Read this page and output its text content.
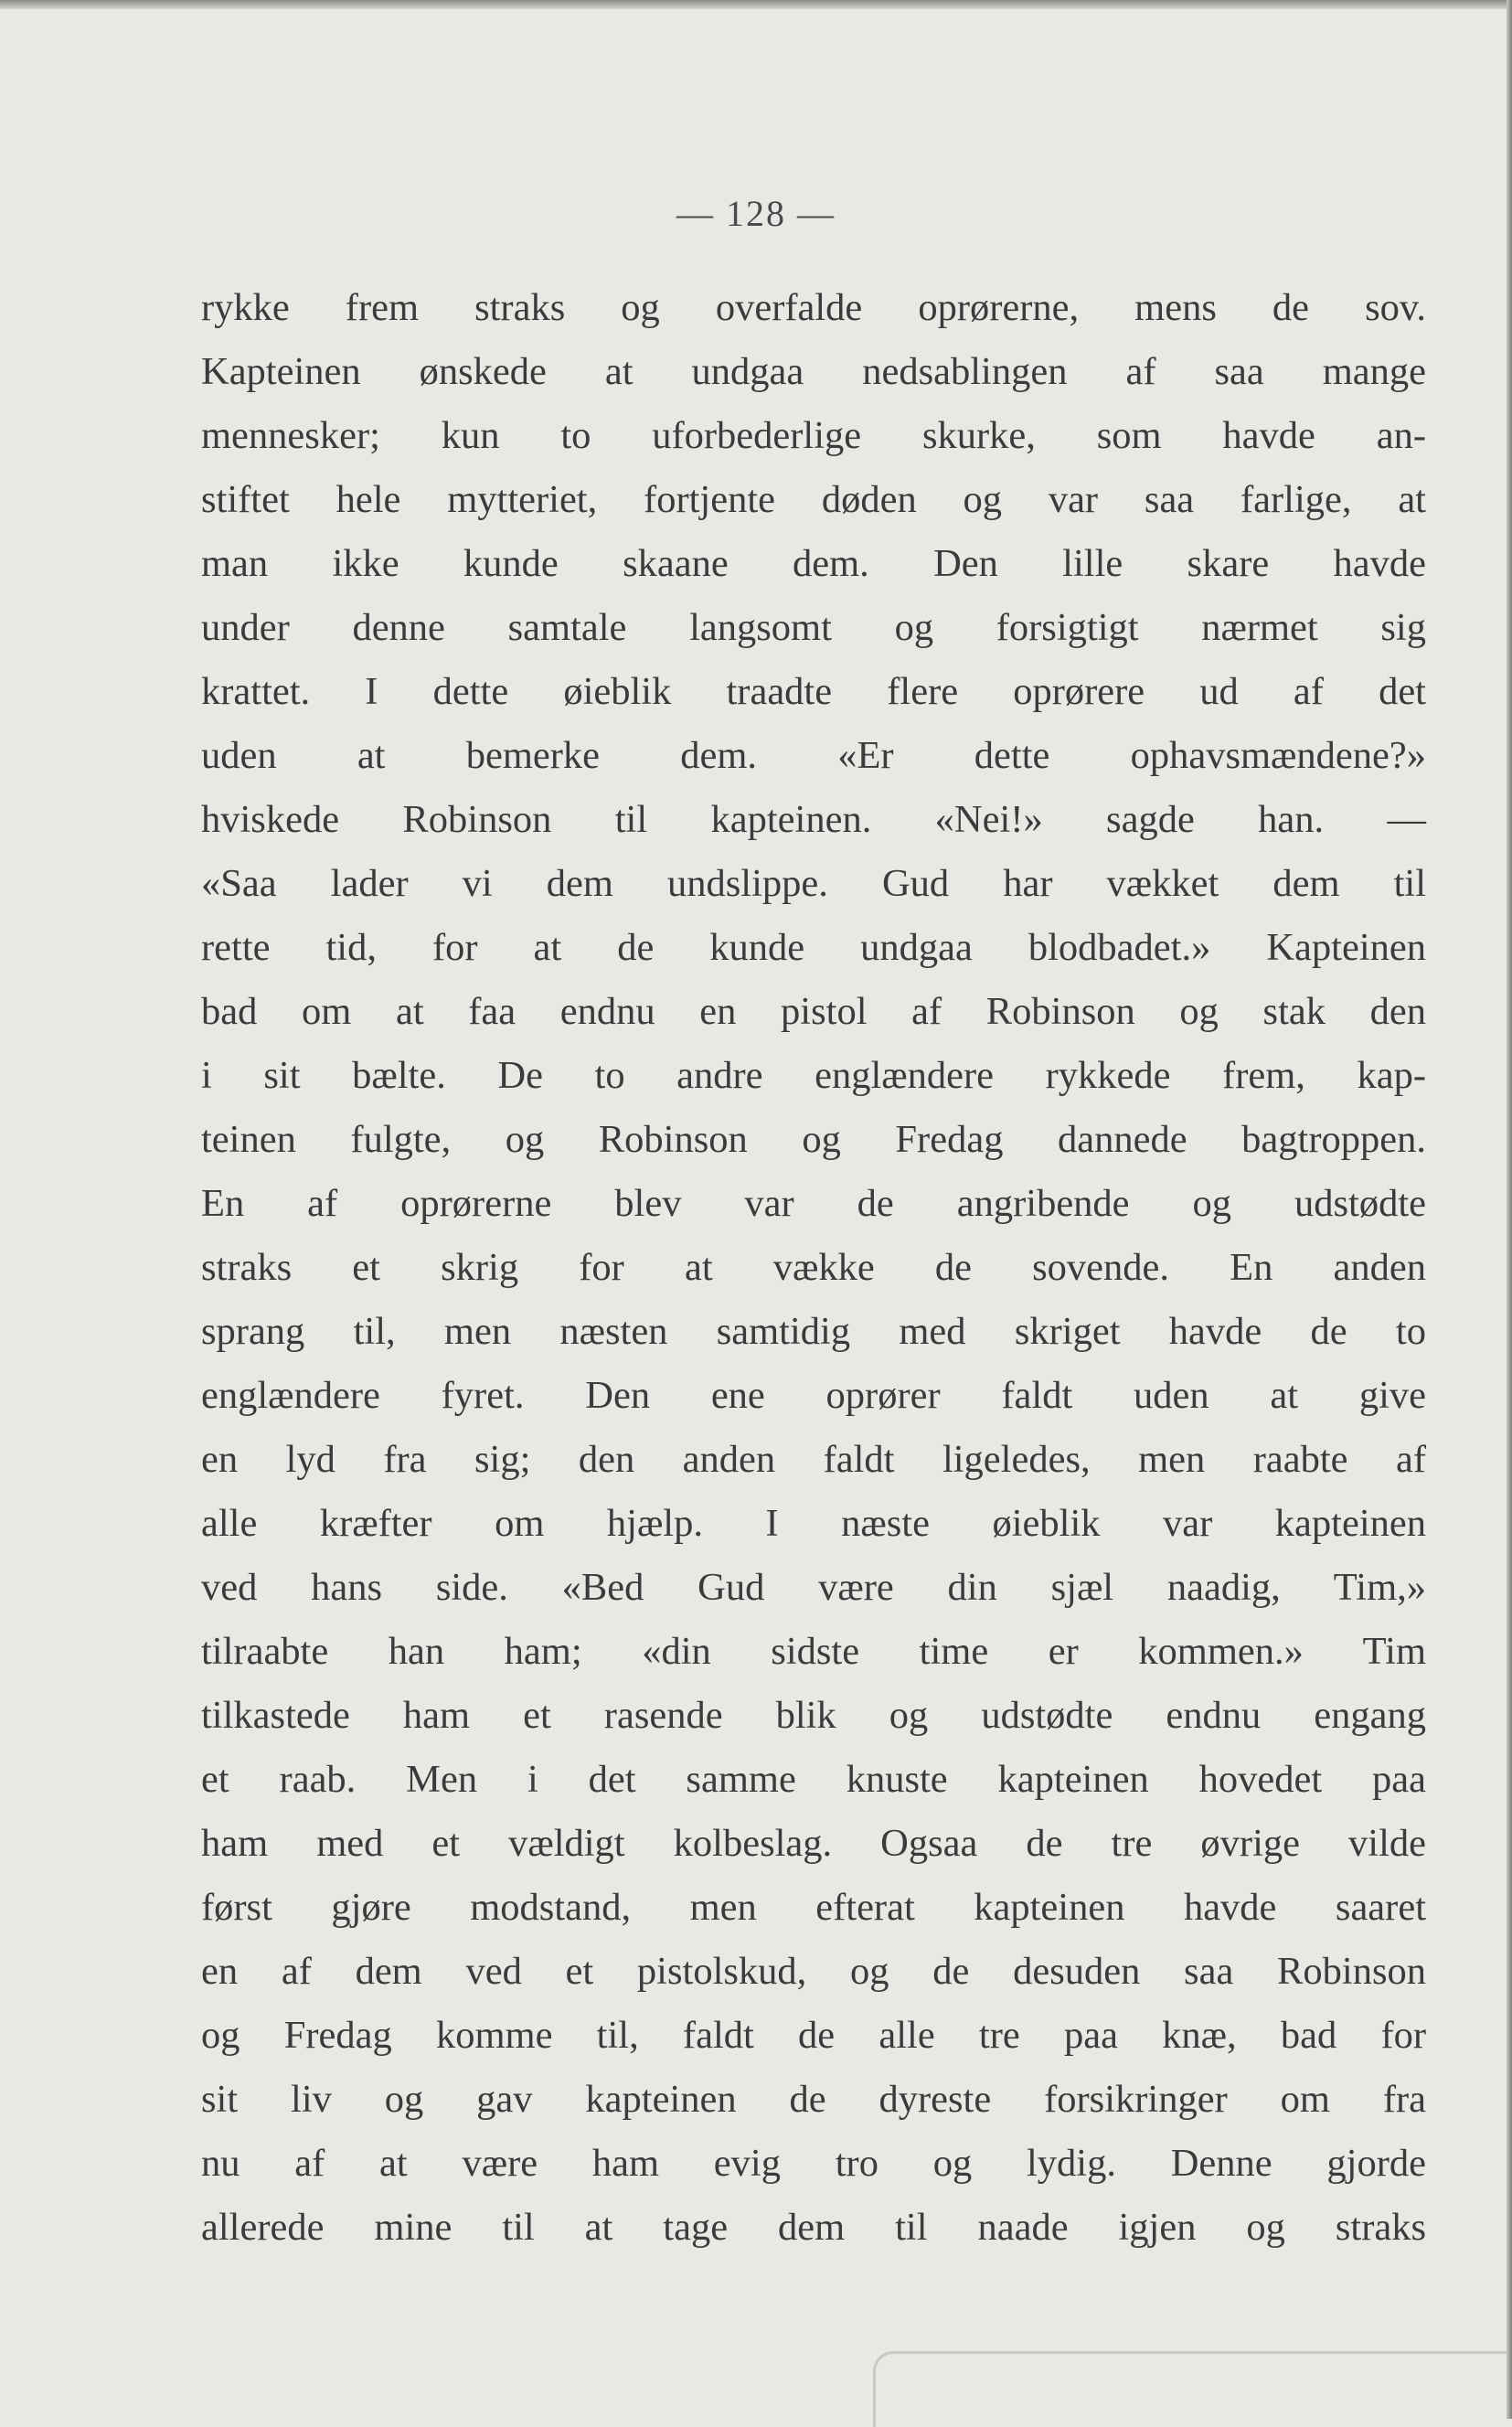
— 128 —
rykke frem straks og overfalde oprørerne, mens de sov.
Kapteinen ønskede at undgaa nedsablingen af saa mange
mennesker; kun to uforbederlige skurke, som havde an-
stiftet hele mytteriet, fortjente døden og var saa farlige, at
man ikke kunde skaane dem. Den lille skare havde
under denne samtale langsomt og forsigtigt nærmet sig
krattet. I dette øieblik traadte flere oprørere ud af det
uden at bemerke dem. «Er dette ophavsmændene?»
hviskede Robinson til kapteinen. «Nei!» sagde han. —
«Saa lader vi dem undslippe. Gud har vækket dem til
rette tid, for at de kunde undgaa blodbadet.» Kapteinen
bad om at faa endnu en pistol af Robinson og stak den
i sit bælte. De to andre englændere rykkede frem, kap-
teinen fulgte, og Robinson og Fredag dannede bagtroppen.
En af oprørerne blev var de angribende og udstødte
straks et skrig for at vække de sovende. En anden
sprang til, men næsten samtidig med skriget havde de to
englændere fyret. Den ene oprører faldt uden at give
en lyd fra sig; den anden faldt ligeledes, men raabte af
alle kræfter om hjælp. I næste øieblik var kapteinen
ved hans side. «Bed Gud være din sjæl naadig, Tim,»
tilraabte han ham; «din sidste time er kommen.» Tim
tilkastede ham et rasende blik og udstødte endnu engang
et raab. Men i det samme knuste kapteinen hovedet paa
ham med et vældigt kolbeslag. Ogsaa de tre øvrige vilde
først gjøre modstand, men efterat kapteinen havde saaret
en af dem ved et pistolskud, og de desuden saa Robinson
og Fredag komme til, faldt de alle tre paa knæ, bad for
sit liv og gav kapteinen de dyreste forsikringer om fra
nu af at være ham evig tro og lydig. Denne gjorde
allerede mine til at tage dem til naade igjen og straks
